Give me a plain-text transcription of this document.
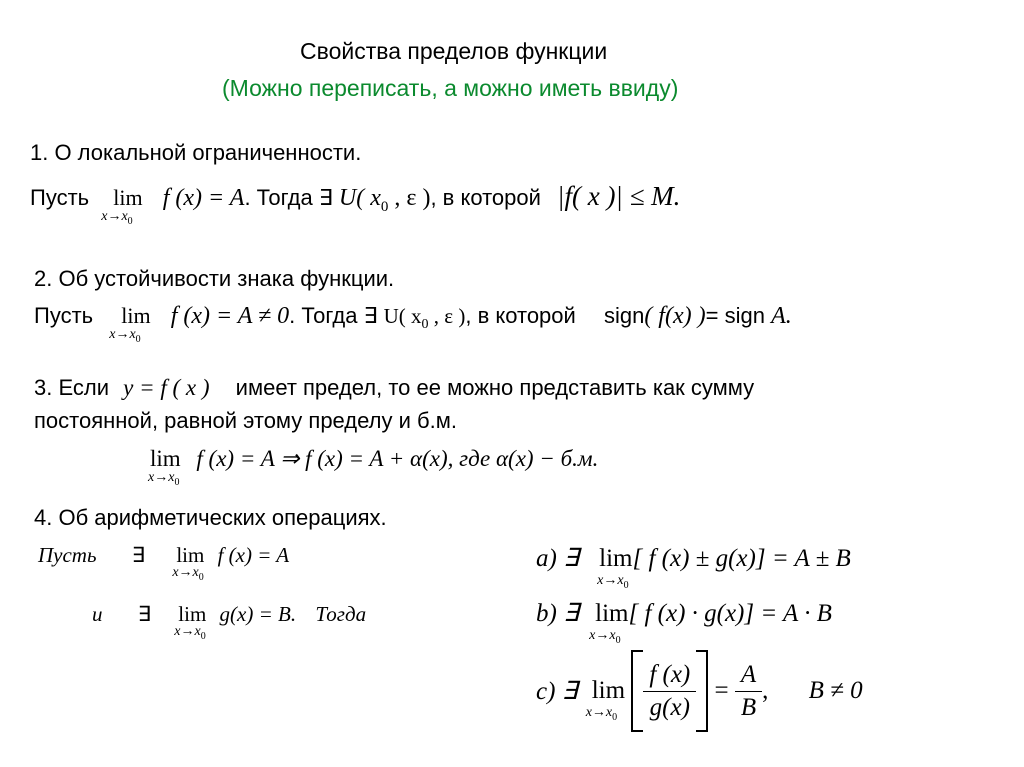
Свойства пределов функции
(Можно переписать, а можно иметь ввиду)
1. О локальной ограниченности.
Пусть lim
$x\to x_0$
f (x) = A. Тогда ∃ U( $x_0$ , ε ), в которой |f( x )| ≤ M.
2. Об устойчивости знака функции.
Пусть lim
$x\to x_0$
f (x) = A ≠ 0. Тогда ∃ U( $x_0$ , ε ), в которой sign( f(x) )= sign A.
3. Если y = f ( x ) имеет предел, то ее можно представить как сумму
постоянной, равной этому пределу и б.м.
lim
$x\to x_0$
f (x) = A ⇒ f (x) = A + α(x), где α(x) − б.м.
4. Об арифметических операциях.
Пусть ∃ lim
$x\to x_0$
f (x) = A
и ∃ lim
$x\to x_0$
g(x) = B. Тогда
a) ∃ lim
$x\to x_0$
[ f (x) ± g(x)] = A ± B
b) ∃ lim
$x\to x_0$
[ f (x) · g(x)] = A · B
c) ∃ lim
$x\to x_0$
$\frac{f (x)}{g(x)} = \frac{A}{B}$ , B ≠ 0
